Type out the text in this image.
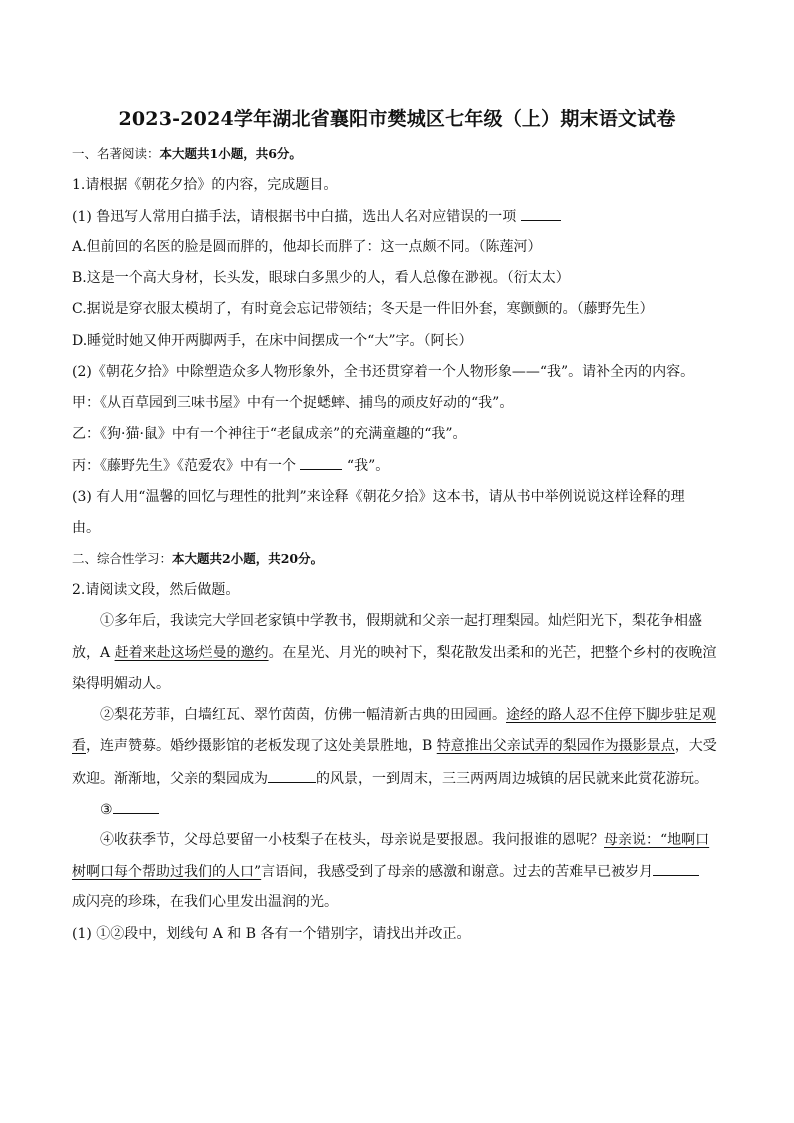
2023-2024学年湖北省襄阳市樊城区七年级（上）期末语文试卷
一、名著阅读：本大题共1小题，共6分。
1.请根据《朝花夕拾》的内容，完成题目。
(1) 鲁迅写人常用白描手法，请根据书中白描，选出人名对应错误的一项
A.但前回的名医的脸是圆而胖的，他却长而胖了：这一点颇不同。（陈莲河）
B.这是一个高大身材，长头发，眼球白多黑少的人，看人总像在渺视。（衍太太）
C.据说是穿衣服太模胡了，有时竟会忘记带领结；冬天是一件旧外套，寒颤颤的。（藤野先生）
D.睡觉时她又伸开两脚两手，在床中间摆成一个“大”字。（阿长）
(2)《朝花夕拾》中除塑造众多人物形象外，全书还贯穿着一个人物形象——“我”。请补全丙的内容。
甲：《从百草园到三味书屋》中有一个捉蟋蟀、捕鸟的顽皮好动的“我”。
乙：《狗·猫·鼠》中有一个神往于“老鼠成亲”的充满童趣的“我”。
丙：《藤野先生》《范爱农》中有一个	“我”。
(3) 有人用“温馨的回忆与理性的批判”来诠释《朝花夕拾》这本书，请从书中举例说说这样诠释的理
由。
二、综合性学习：本大题共2小题，共20分。
2.请阅读文段，然后做题。
①多年后，我读完大学回老家镇中学教书，假期就和父亲一起打理梨园。灿烂阳光下，梨花争相盛
放，A 赶着来赴这场烂曼的邀约。在星光、月光的映衬下，梨花散发出柔和的光芒，把整个乡村的夜晚渲
染得明媚动人。
②梨花芳菲，白墙红瓦、翠竹茵茵，仿佛一幅清新古典的田园画。途经的路人忍不住停下脚步驻足观
看，连声赞募。婚纱摄影馆的老板发现了这处美景胜地，B 特意推出父亲试弄的梨园作为摄影景点，大受
欢迎。渐渐地，父亲的梨园成为	的风景，一到周末，三三两两周边城镇的居民就来此赏花游玩。
③
④收获季节，父母总要留一小枝梨子在枝头，母亲说是要报恩。我问报谁的恩呢？母亲说：“地啊口
树啊口每个帮助过我们的人口”言语间，我感受到了母亲的感激和谢意。过去的苦难早已被岁月
成闪亮的珍珠，在我们心里发出温润的光。
(1) ①②段中，划线句 A 和 B 各有一个错别字，请找出并改正。
